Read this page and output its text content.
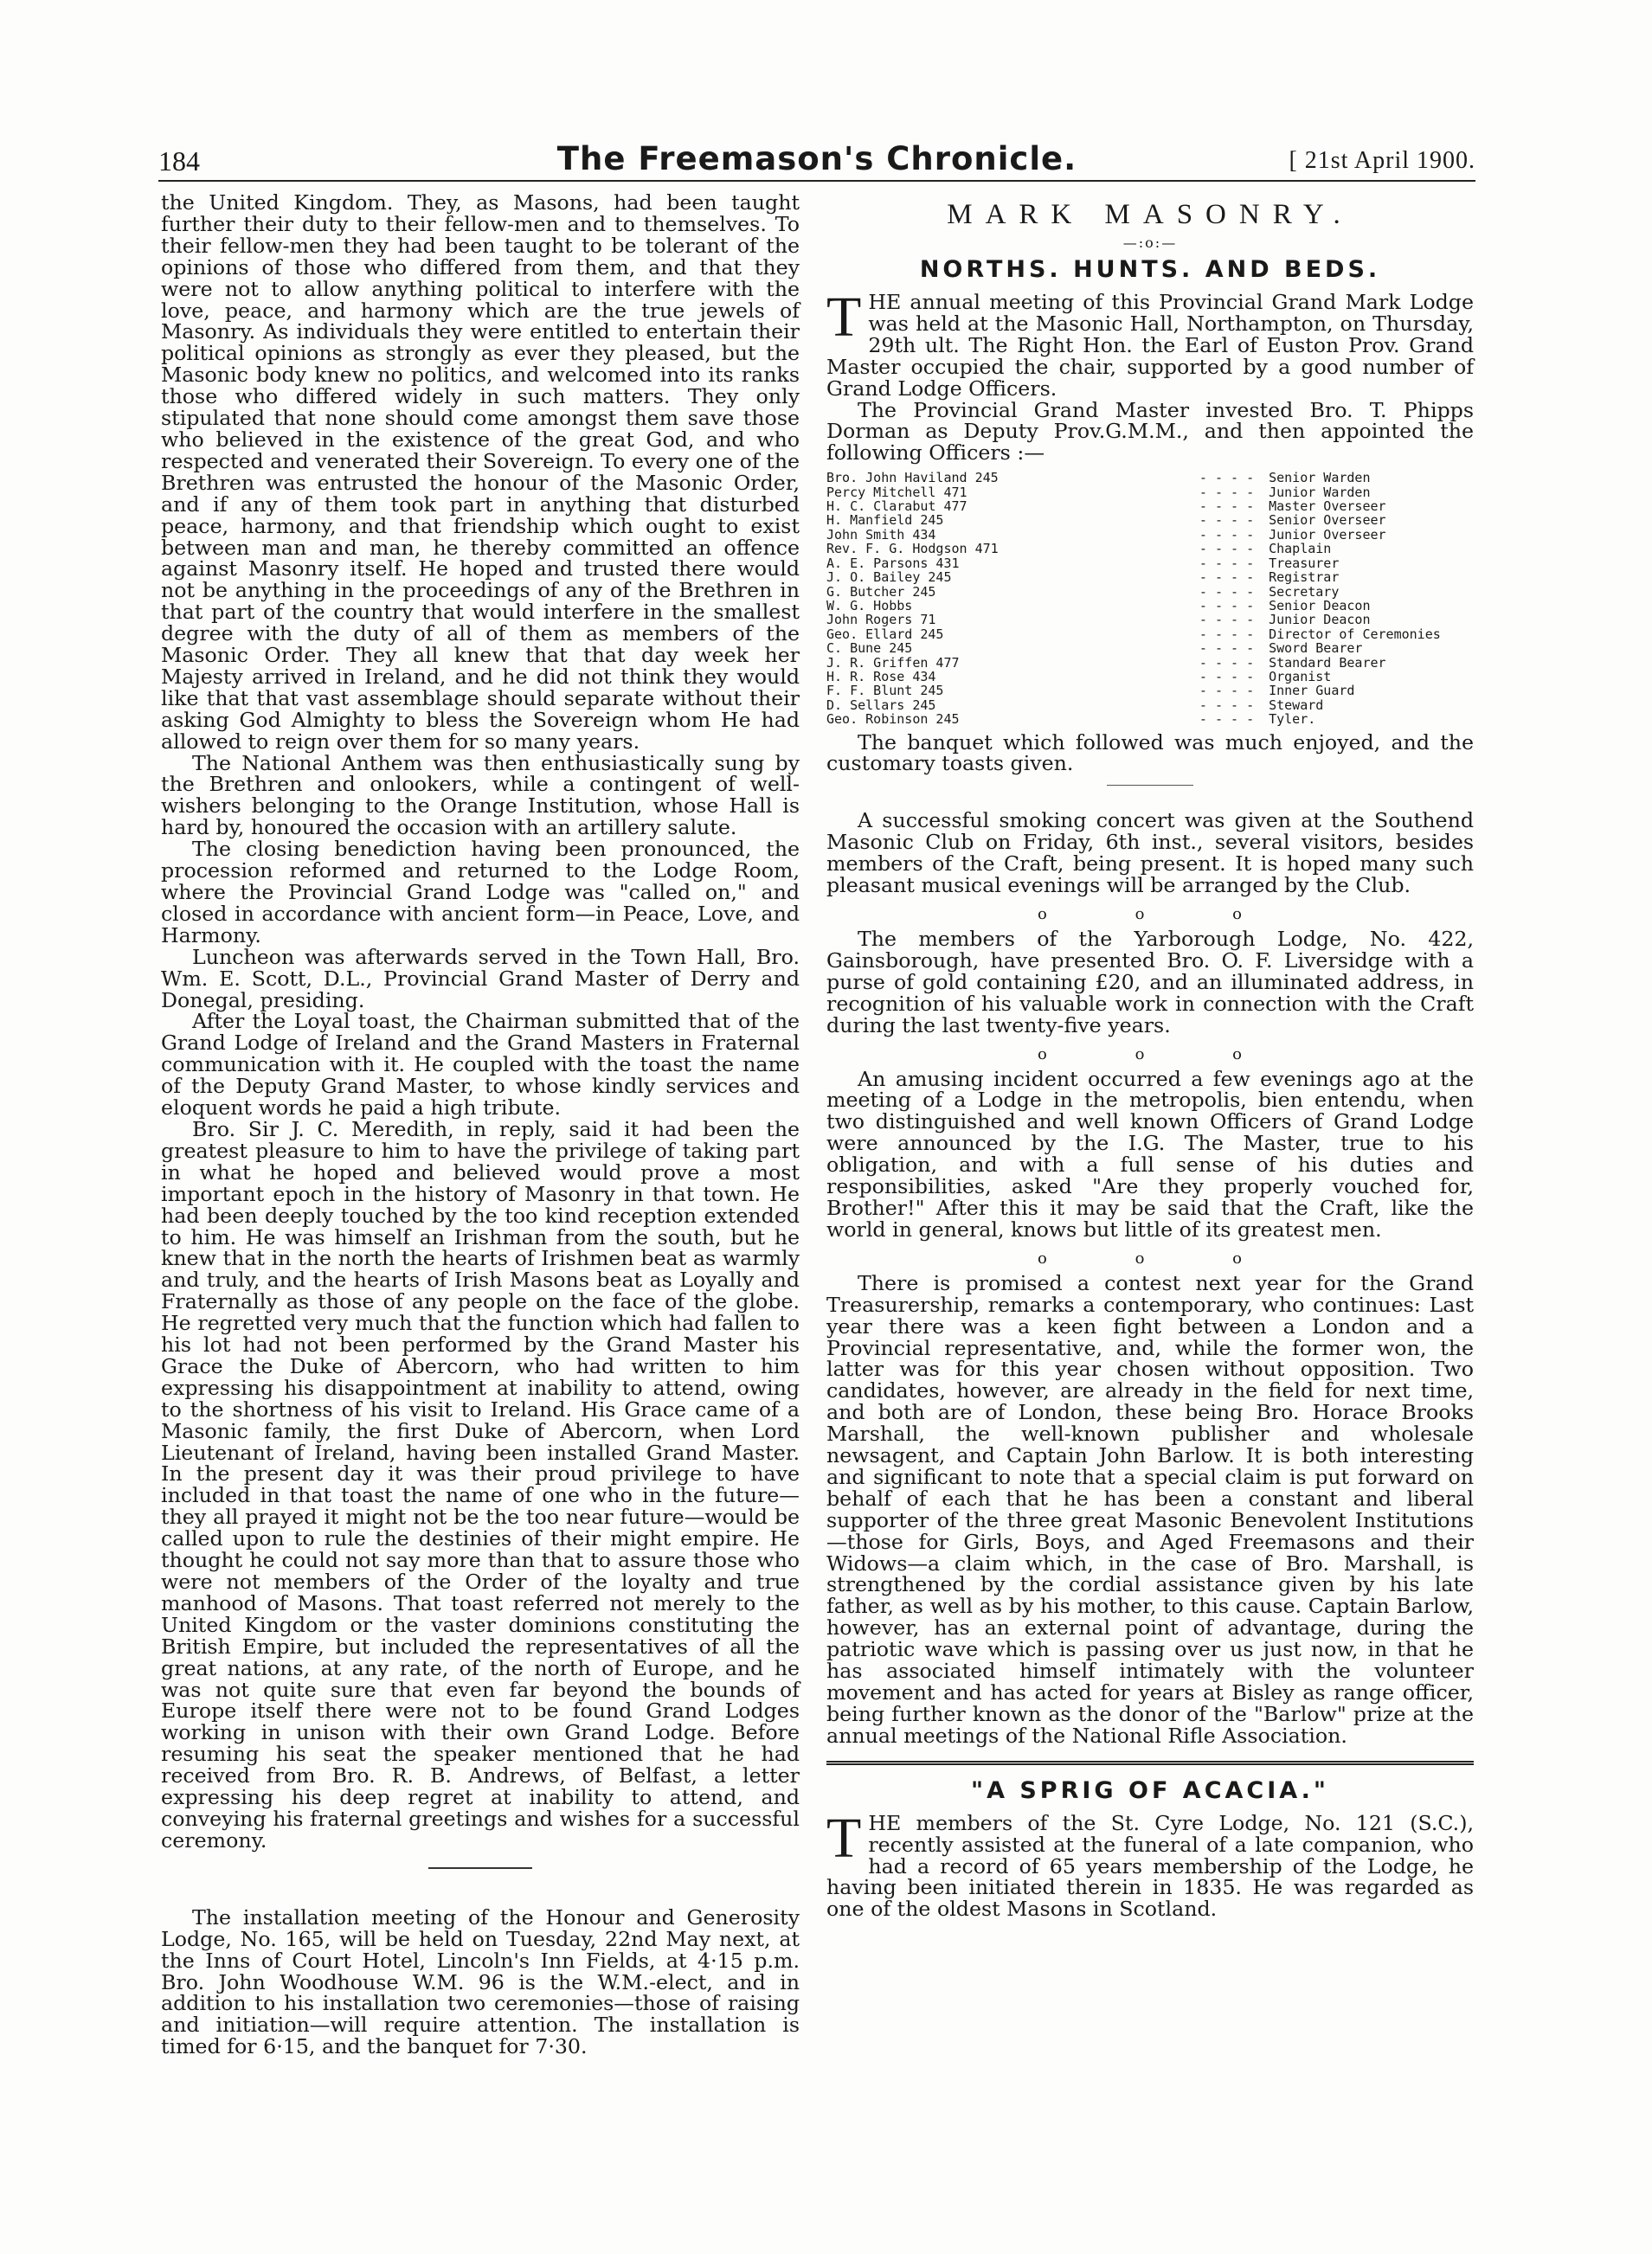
184	The Freemason's Chronicle.	[ 21st April 1900.

the United Kingdom. They, as Masons, had been taught further their duty to their fellow-men and to themselves. To their fellow-men they had been taught to be tolerant of the opinions of those who differed from them, and that they were not to allow anything political to interfere with the love, peace, and harmony which are the true jewels of Masonry. As individuals they were entitled to entertain their political opinions as strongly as ever they pleased, but the Masonic body knew no politics, and welcomed into its ranks those who differed widely in such matters. They only stipulated that none should come amongst them save those who believed in the existence of the great God, and who respected and venerated their Sovereign. To every one of the Brethren was entrusted the honour of the Masonic Order, and if any of them took part in anything that disturbed peace, harmony, and that friendship which ought to exist between man and man, he thereby committed an offence against Masonry itself. He hoped and trusted there would not be anything in the proceedings of any of the Brethren in that part of the country that would interfere in the smallest degree with the duty of all of them as members of the Masonic Order. They all knew that that day week her Majesty arrived in Ireland, and he did not think they would like that that vast assemblage should separate without their asking God Almighty to bless the Sovereign whom He had allowed to reign over them for so many years.

The National Anthem was then enthusiastically sung by the Brethren and onlookers, while a contingent of well-wishers belonging to the Orange Institution, whose Hall is hard by, honoured the occasion with an artillery salute.

The closing benediction having been pronounced, the procession reformed and returned to the Lodge Room, where the Provincial Grand Lodge was "called on," and closed in accordance with ancient form—in Peace, Love, and Harmony.

Luncheon was afterwards served in the Town Hall, Bro. Wm. E. Scott, D.L., Provincial Grand Master of Derry and Donegal, presiding.

After the Loyal toast, the Chairman submitted that of the Grand Lodge of Ireland and the Grand Masters in Fraternal communication with it. He coupled with the toast the name of the Deputy Grand Master, to whose kindly services and eloquent words he paid a high tribute.

Bro. Sir J. C. Meredith, in reply, said it had been the greatest pleasure to him to have the privilege of taking part in what he hoped and believed would prove a most important epoch in the history of Masonry in that town. He had been deeply touched by the too kind reception extended to him. He was himself an Irishman from the south, but he knew that in the north the hearts of Irishmen beat as warmly and truly, and the hearts of Irish Masons beat as Loyally and Fraternally as those of any people on the face of the globe. He regretted very much that the function which had fallen to his lot had not been performed by the Grand Master his Grace the Duke of Abercorn, who had written to him expressing his disappointment at inability to attend, owing to the shortness of his visit to Ireland. His Grace came of a Masonic family, the first Duke of Abercorn, when Lord Lieutenant of Ireland, having been installed Grand Master. In the present day it was their proud privilege to have included in that toast the name of one who in the future—they all prayed it might not be the too near future—would be called upon to rule the destinies of their might empire. He thought he could not say more than that to assure those who were not members of the Order of the loyalty and true manhood of Masons. That toast referred not merely to the United Kingdom or the vaster dominions constituting the British Empire, but included the representatives of all the great nations, at any rate, of the north of Europe, and he was not quite sure that even far beyond the bounds of Europe itself there were not to be found Grand Lodges working in unison with their own Grand Lodge. Before resuming his seat the speaker mentioned that he had received from Bro. R. B. Andrews, of Belfast, a letter expressing his deep regret at inability to attend, and conveying his fraternal greetings and wishes for a successful ceremony.

The installation meeting of the Honour and Generosity Lodge, No. 165, will be held on Tuesday, 22nd May next, at the Inns of Court Hotel, Lincoln's Inn Fields, at 4·15 p.m. Bro. John Woodhouse W.M. 96 is the W.M.-elect, and in addition to his installation two ceremonies—those of raising and initiation—will require attention. The installation is timed for 6·15, and the banquet for 7·30.

MARK MASONRY.
—:o:—
NORTHS. HUNTS. AND BEDS.

THE annual meeting of this Provincial Grand Mark Lodge was held at the Masonic Hall, Northampton, on Thursday, 29th ult. The Right Hon. the Earl of Euston Prov. Grand Master occupied the chair, supported by a good number of Grand Lodge Officers.

The Provincial Grand Master invested Bro. T. Phipps Dorman as Deputy Prov.G.M.M., and then appointed the following Officers :—

Bro. John Haviland 245	- - - -	Senior Warden
Percy Mitchell 471	- - - -	Junior Warden
H. C. Clarabut 477	- - - -	Master Overseer
H. Manfield 245	- - - -	Senior Overseer
John Smith 434	- - - -	Junior Overseer
Rev. F. G. Hodgson 471	- - - -	Chaplain
A. E. Parsons 431	- - - -	Treasurer
J. O. Bailey 245	- - - -	Registrar
G. Butcher 245	- - - -	Secretary
W. G. Hobbs	- - - -	Senior Deacon
John Rogers 71	- - - -	Junior Deacon
Geo. Ellard 245	- - - -	Director of Ceremonies
C. Bune 245	- - - -	Sword Bearer
J. R. Griffen 477	- - - -	Standard Bearer
H. R. Rose 434	- - - -	Organist
F. F. Blunt 245	- - - -	Inner Guard
D. Sellars 245	- - - -	Steward
Geo. Robinson 245	- - - -	Tyler.

The banquet which followed was much enjoyed, and the customary toasts given.

A successful smoking concert was given at the Southend Masonic Club on Friday, 6th inst., several visitors, besides members of the Craft, being present. It is hoped many such pleasant musical evenings will be arranged by the Club.

o o o

The members of the Yarborough Lodge, No. 422, Gainsborough, have presented Bro. O. F. Liversidge with a purse of gold containing £20, and an illuminated address, in recognition of his valuable work in connection with the Craft during the last twenty-five years.

o o o

An amusing incident occurred a few evenings ago at the meeting of a Lodge in the metropolis, bien entendu, when two distinguished and well known Officers of Grand Lodge were announced by the I.G. The Master, true to his obligation, and with a full sense of his duties and responsibilities, asked "Are they properly vouched for, Brother!" After this it may be said that the Craft, like the world in general, knows but little of its greatest men.

o o o

There is promised a contest next year for the Grand Treasurership, remarks a contemporary, who continues: Last year there was a keen fight between a London and a Provincial representative, and, while the former won, the latter was for this year chosen without opposition. Two candidates, however, are already in the field for next time, and both are of London, these being Bro. Horace Brooks Marshall, the well-known publisher and wholesale newsagent, and Captain John Barlow. It is both interesting and significant to note that a special claim is put forward on behalf of each that he has been a constant and liberal supporter of the three great Masonic Benevolent Institutions—those for Girls, Boys, and Aged Freemasons and their Widows—a claim which, in the case of Bro. Marshall, is strengthened by the cordial assistance given by his late father, as well as by his mother, to this cause. Captain Barlow, however, has an external point of advantage, during the patriotic wave which is passing over us just now, in that he has associated himself intimately with the volunteer movement and has acted for years at Bisley as range officer, being further known as the donor of the "Barlow" prize at the annual meetings of the National Rifle Association.

"A SPRIG OF ACACIA."

THE members of the St. Cyre Lodge, No. 121 (S.C.), recently assisted at the funeral of a late companion, who had a record of 65 years membership of the Lodge, he having been initiated therein in 1835. He was regarded as one of the oldest Masons in Scotland.
